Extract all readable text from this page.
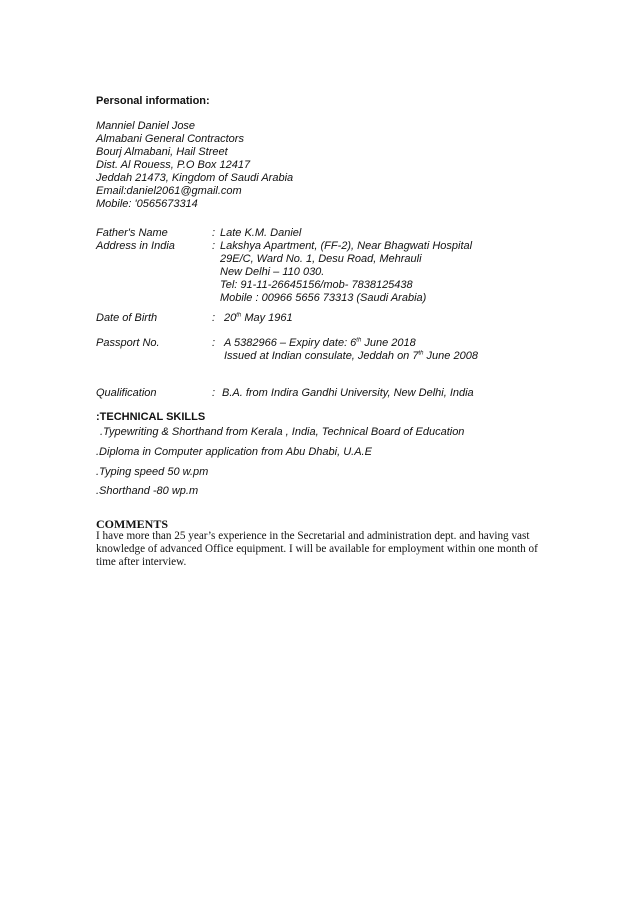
Personal information:
Manniel Daniel Jose
Almabani General Contractors
Bourj Almabani, Hail Street
Dist. Al Rouess, P.O Box 12417
Jeddah 21473, Kingdom of Saudi Arabia
Email:daniel2061@gmail.com
Mobile: '0565673314
Father's Name	: Late K.M. Daniel
Address in India	: Lakshya Apartment, (FF-2), Near Bhagwati Hospital
29E/C, Ward No. 1, Desu Road, Mehrauli
New Delhi – 110 030.
Tel: 91-11-26645156/mob- 7838125438
Mobile : 00966 5656 73313 (Saudi Arabia)
Date of Birth	: 20th May 1961
Passport No.	: A 5382966 – Expiry date: 6th June 2018
Issued at Indian consulate, Jeddah on 7th June 2008
Qualification	: B.A. from Indira Gandhi University, New Delhi, India
:TECHNICAL SKILLS
.Typewriting & Shorthand from Kerala , India, Technical Board of Education
.Diploma in Computer application from Abu Dhabi, U.A.E
.Typing speed 50 w.pm
.Shorthand -80 wp.m
COMMENTS
I have more than 25 year’s experience in the Secretarial and administration dept. and having vast knowledge of advanced Office equipment. I will be available for employment within one month of time after interview.
